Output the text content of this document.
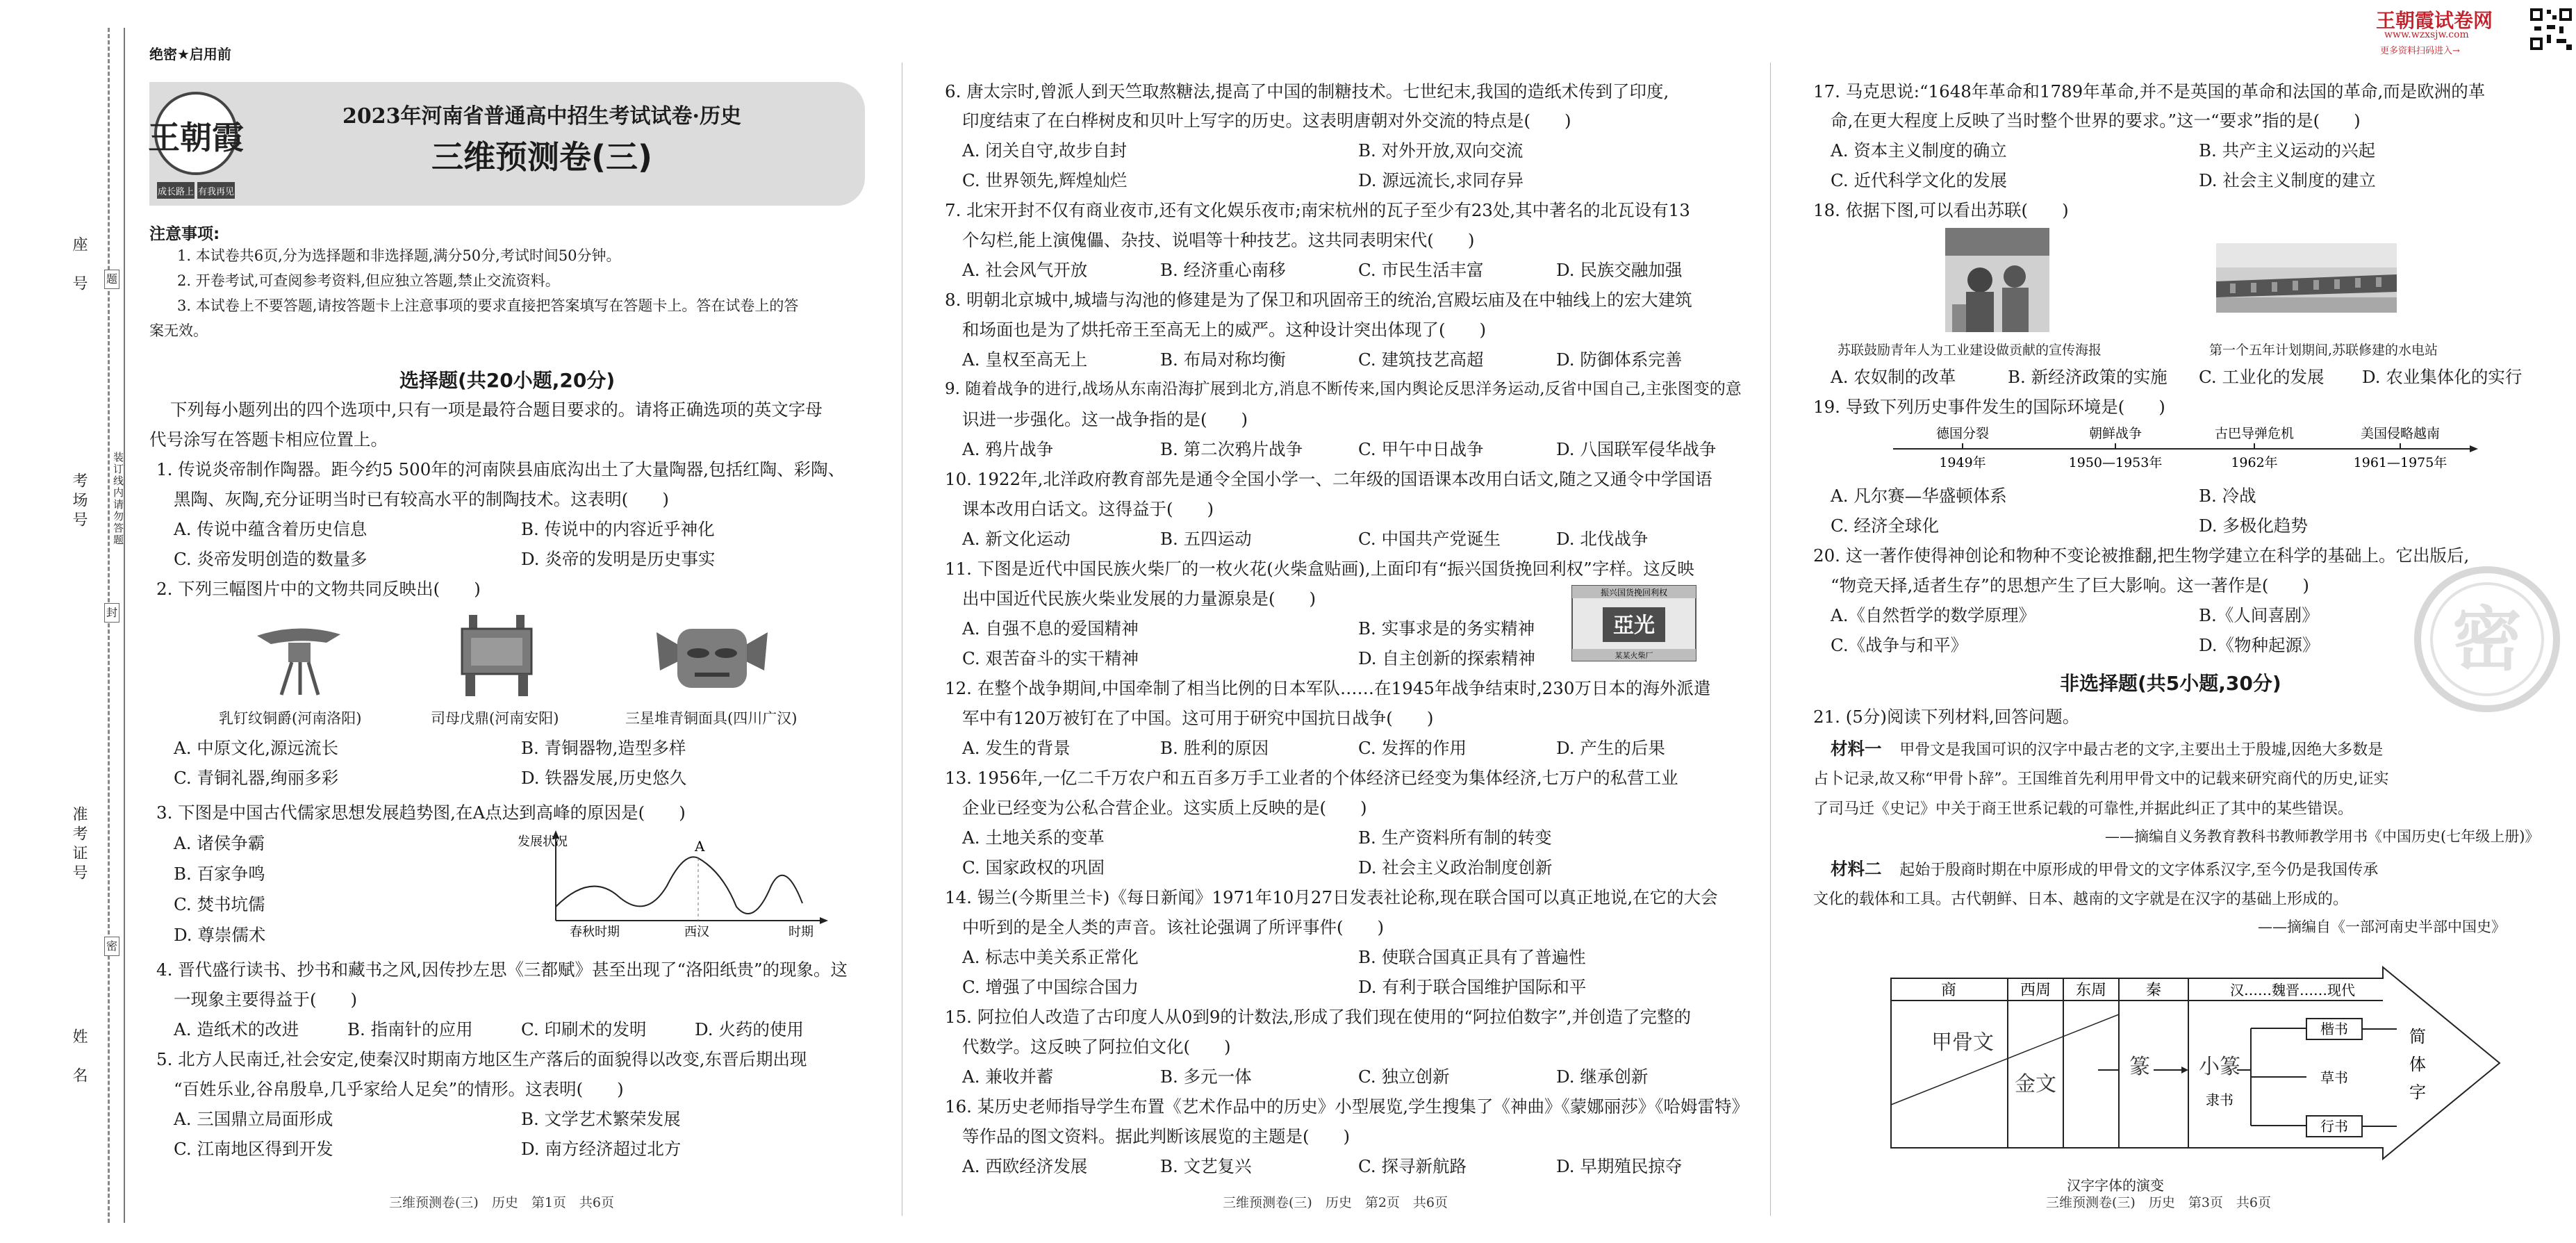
座　号
考场号
准考证号
姓　名
装订线内请勿答题
题
封
密
绝密★启用前
王朝霞
成长路上 有我再见
2023年河南省普通高中招生考试试卷·历史
三维预测卷(三)
注意事项:
1. 本试卷共6页,分为选择题和非选择题,满分50分,考试时间50分钟。
2. 开卷考试,可查阅参考资料,但应独立答题,禁止交流资料。
3. 本试卷上不要答题,请按答题卡上注意事项的要求直接把答案填写在答题卡上。答在试卷上的答
案无效。
选择题(共20小题,20分)
下列每小题列出的四个选项中,只有一项是最符合题目要求的。请将正确选项的英文字母
代号涂写在答题卡相应位置上。
1. 传说炎帝制作陶器。距今约5 500年的河南陕县庙底沟出土了大量陶器,包括红陶、彩陶、
黑陶、灰陶,充分证明当时已有较高水平的制陶技术。这表明(　　)
A. 传说中蕴含着历史信息	B. 传说中的内容近乎神化
C. 炎帝发明创造的数量多	D. 炎帝的发明是历史事实
2. 下列三幅图片中的文物共同反映出(　　)
乳钉纹铜爵(河南洛阳)	司母戊鼎(河南安阳)	三星堆青铜面具(四川广汉)
A. 中原文化,源远流长	B. 青铜器物,造型多样
C. 青铜礼器,绚丽多彩	D. 铁器发展,历史悠久
3. 下图是中国古代儒家思想发展趋势图,在A点达到高峰的原因是(　　)
A. 诸侯争霸
B. 百家争鸣
C. 焚书坑儒
D. 尊崇儒术
发展状况	A
春秋时期	西汉	时期
4. 晋代盛行读书、抄书和藏书之风,因传抄左思《三都赋》甚至出现了“洛阳纸贵”的现象。这
一现象主要得益于(　　)
A. 造纸术的改进	B. 指南针的应用	C. 印刷术的发明	D. 火药的使用
5. 北方人民南迁,社会安定,使秦汉时期南方地区生产落后的面貌得以改变,东晋后期出现
“百姓乐业,谷帛殷阜,几乎家给人足矣”的情形。这表明(　　)
A. 三国鼎立局面形成	B. 文学艺术繁荣发展
C. 江南地区得到开发	D. 南方经济超过北方
三维预测卷(三)　历史　第1页　共6页
6. 唐太宗时,曾派人到天竺取熬糖法,提高了中国的制糖技术。七世纪末,我国的造纸术传到了印度,
印度结束了在白桦树皮和贝叶上写字的历史。这表明唐朝对外交流的特点是(　　)
A. 闭关自守,故步自封	B. 对外开放,双向交流
C. 世界领先,辉煌灿烂	D. 源远流长,求同存异
7. 北宋开封不仅有商业夜市,还有文化娱乐夜市;南宋杭州的瓦子至少有23处,其中著名的北瓦设有13
个勾栏,能上演傀儡、杂技、说唱等十种技艺。这共同表明宋代(　　)
A. 社会风气开放	B. 经济重心南移	C. 市民生活丰富	D. 民族交融加强
8. 明朝北京城中,城墙与沟池的修建是为了保卫和巩固帝王的统治,宫殿坛庙及在中轴线上的宏大建筑
和场面也是为了烘托帝王至高无上的威严。这种设计突出体现了(　　)
A. 皇权至高无上	B. 布局对称均衡	C. 建筑技艺高超	D. 防御体系完善
9. 随着战争的进行,战场从东南沿海扩展到北方,消息不断传来,国内舆论反思洋务运动,反省中国自己,主张图变的意
识进一步强化。这一战争指的是(　　)
A. 鸦片战争	B. 第二次鸦片战争	C. 甲午中日战争	D. 八国联军侵华战争
10. 1922年,北洋政府教育部先是通令全国小学一、二年级的国语课本改用白话文,随之又通令中学国语
课本改用白话文。这得益于(　　)
A. 新文化运动	B. 五四运动	C. 中国共产党诞生	D. 北伐战争
11. 下图是近代中国民族火柴厂的一枚火花(火柴盒贴画),上面印有“振兴国货挽回利权”字样。这反映
出中国近代民族火柴业发展的力量源泉是(　　)
A. 自强不息的爱国精神	B. 实事求是的务实精神
C. 艰苦奋斗的实干精神	D. 自主创新的探索精神
振兴国货挽回利权
亞光
某某火柴厂
12. 在整个战争期间,中国牵制了相当比例的日本军队……在1945年战争结束时,230万日本的海外派遣
军中有120万被钉在了中国。这可用于研究中国抗日战争(　　)
A. 发生的背景	B. 胜利的原因	C. 发挥的作用	D. 产生的后果
13. 1956年,一亿二千万农户和五百多万手工业者的个体经济已经变为集体经济,七万户的私营工业
企业已经变为公私合营企业。这实质上反映的是(　　)
A. 土地关系的变革	B. 生产资料所有制的转变
C. 国家政权的巩固	D. 社会主义政治制度创新
14. 锡兰(今斯里兰卡)《每日新闻》1971年10月27日发表社论称,现在联合国可以真正地说,在它的大会
中听到的是全人类的声音。该社论强调了所评事件(　　)
A. 标志中美关系正常化	B. 使联合国真正具有了普遍性
C. 增强了中国综合国力	D. 有利于联合国维护国际和平
15. 阿拉伯人改造了古印度人从0到9的计数法,形成了我们现在使用的“阿拉伯数字”,并创造了完整的
代数学。这反映了阿拉伯文化(　　)
A. 兼收并蓄	B. 多元一体	C. 独立创新	D. 继承创新
16. 某历史老师指导学生布置《艺术作品中的历史》小型展览,学生搜集了《神曲》《蒙娜丽莎》《哈姆雷特》
等作品的图文资料。据此判断该展览的主题是(　　)
A. 西欧经济发展	B. 文艺复兴	C. 探寻新航路	D. 早期殖民掠夺
三维预测卷(三)　历史　第2页　共6页
王朝霞试卷网
www.wzxsjw.com
更多资料扫码进入→
17. 马克思说:“1648年革命和1789年革命,并不是英国的革命和法国的革命,而是欧洲的革
命,在更大程度上反映了当时整个世界的要求。”这一“要求”指的是(　　)
A. 资本主义制度的确立	B. 共产主义运动的兴起
C. 近代科学文化的发展	D. 社会主义制度的建立
18. 依据下图,可以看出苏联(　　)
苏联鼓励青年人为工业建设做贡献的宣传海报	第一个五年计划期间,苏联修建的水电站
A. 农奴制的改革	B. 新经济政策的实施 C. 工业化的发展 D. 农业集体化的实行
19. 导致下列历史事件发生的国际环境是(　　)
德国分裂	朝鲜战争	古巴导弹危机	美国侵略越南
1949年	1950—1953年	1962年	1961—1975年
A. 凡尔赛—华盛顿体系	B. 冷战
C. 经济全球化	D. 多极化趋势
20. 这一著作使得神创论和物种不变论被推翻,把生物学建立在科学的基础上。它出版后,
“物竞天择,适者生存”的思想产生了巨大影响。这一著作是(　　)
A.《自然哲学的数学原理》	B.《人间喜剧》
C.《战争与和平》	D.《物种起源》 密
非选择题(共5小题,30分)
21. (5分)阅读下列材料,回答问题。
材料一 甲骨文是我国可识的汉字中最古老的文字,主要出土于殷墟,因绝大多数是
占卜记录,故又称“甲骨卜辞”。王国维首先利用甲骨文中的记载来研究商代的历史,证实
了司马迁《史记》中关于商王世系记载的可靠性,并据此纠正了其中的某些错误。
——摘编自义务教育教科书教师教学用书《中国历史(七年级上册)》
材料二 起始于殷商时期在中原形成的甲骨文的文字体系汉字,至今仍是我国传承
文化的载体和工具。古代朝鲜、日本、越南的文字就是在汉字的基础上形成的。
——摘编自《一部河南史半部中国史》
商	西周 东周	秦	汉……魏晋……现代
甲骨文
金文
篆 小篆
隶书
楷书
草书
行书
简
体
字
汉字字体的演变
三维预测卷(三)　历史　第3页　共6页
